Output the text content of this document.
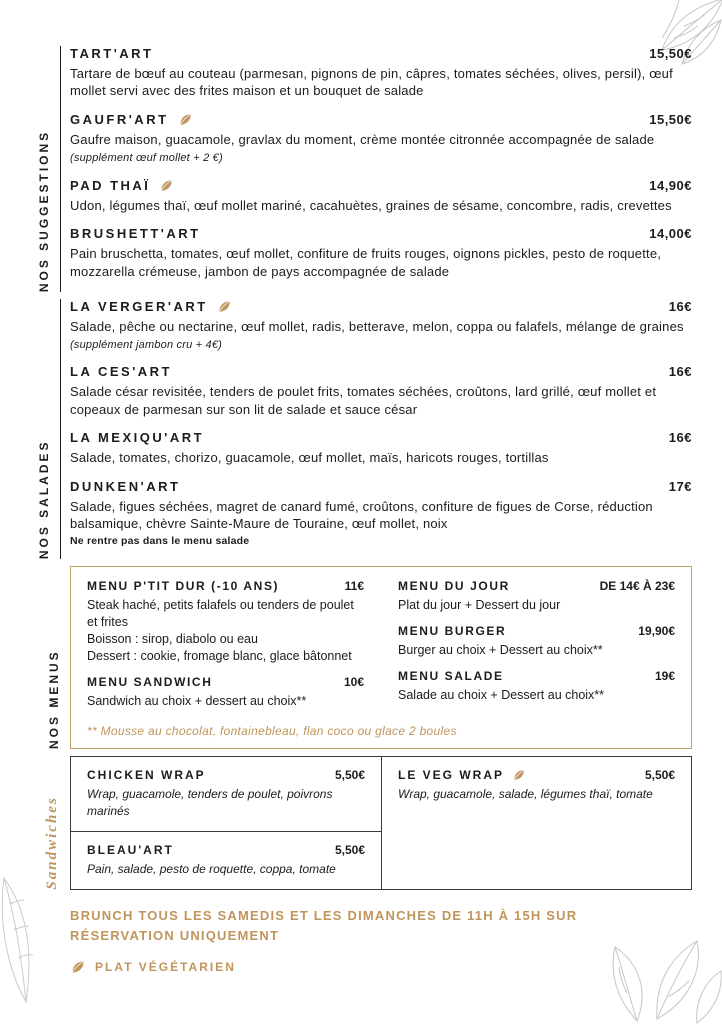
NOS SUGGESTIONS
TART'ART	15,50€

Tartare de bœuf au couteau (parmesan, pignons de pin, câpres, tomates séchées, olives, persil), œuf mollet servi avec des frites maison et un bouquet de salade

GAUFR'ART	15,50€

Gaufre maison, guacamole, gravlax du moment, crème montée citronnée accompagnée de salade (supplément œuf mollet + 2 €)

PAD THAÏ	14,90€

Udon, légumes thaï, œuf mollet mariné, cacahuètes, graines de sésame, concombre, radis, crevettes

BRUSHETT'ART	14,00€

Pain bruschetta, tomates, œuf mollet, confiture de fruits rouges, oignons pickles, pesto de roquette, mozzarella crémeuse, jambon de pays accompagnée de salade

NOS SALADES
LA VERGER'ART	16€

Salade, pêche ou nectarine, œuf mollet, radis, betterave, melon, coppa ou falafels, mélange de graines
(supplément jambon cru + 4€)

LA CES'ART	16€

Salade césar revisitée, tenders de poulet frits, tomates séchées, croûtons, lard grillé, œuf mollet et copeaux de parmesan sur son lit de salade et sauce césar

LA MEXIQU'ART	16€

Salade, tomates, chorizo, guacamole, œuf mollet, maïs, haricots rouges, tortillas

DUNKEN'ART	17€

Salade, figues séchées, magret de canard fumé, croûtons, confiture de figues de Corse, réduction balsamique, chèvre Sainte-Maure de Touraine, œuf mollet, noix

Ne rentre pas dans le menu salade

NOS MENUS
MENU P'TIT DUR (-10 ANS)	11€

Steak haché, petits falafels ou tenders de poulet et frites

Boisson : sirop, diabolo ou eau

Dessert : cookie, fromage blanc, glace bâtonnet

MENU SANDWICH	10€

Sandwich au choix + dessert au choix**

MENU DU JOUR	DE 14€ À 23€

Plat du jour + Dessert du jour

MENU BURGER	19,90€

Burger au choix + Dessert au choix**

MENU SALADE	19€

Salade au choix + Dessert au choix**

** Mousse au chocolat, fontainebleau, flan coco ou glace 2 boules

Sandwiches
CHICKEN WRAP	5,50€

Wrap, guacamole, tenders de poulet, poivrons marinés

BLEAU'ART	5,50€

Pain, salade, pesto de roquette, coppa, tomate

LE VEG WRAP	5,50€

Wrap, guacamole, salade, légumes thaï, tomate

BRUNCH TOUS LES SAMEDIS ET LES DIMANCHES DE 11H À 15H SUR RÉSERVATION UNIQUEMENT

PLAT VÉGÉTARIEN
